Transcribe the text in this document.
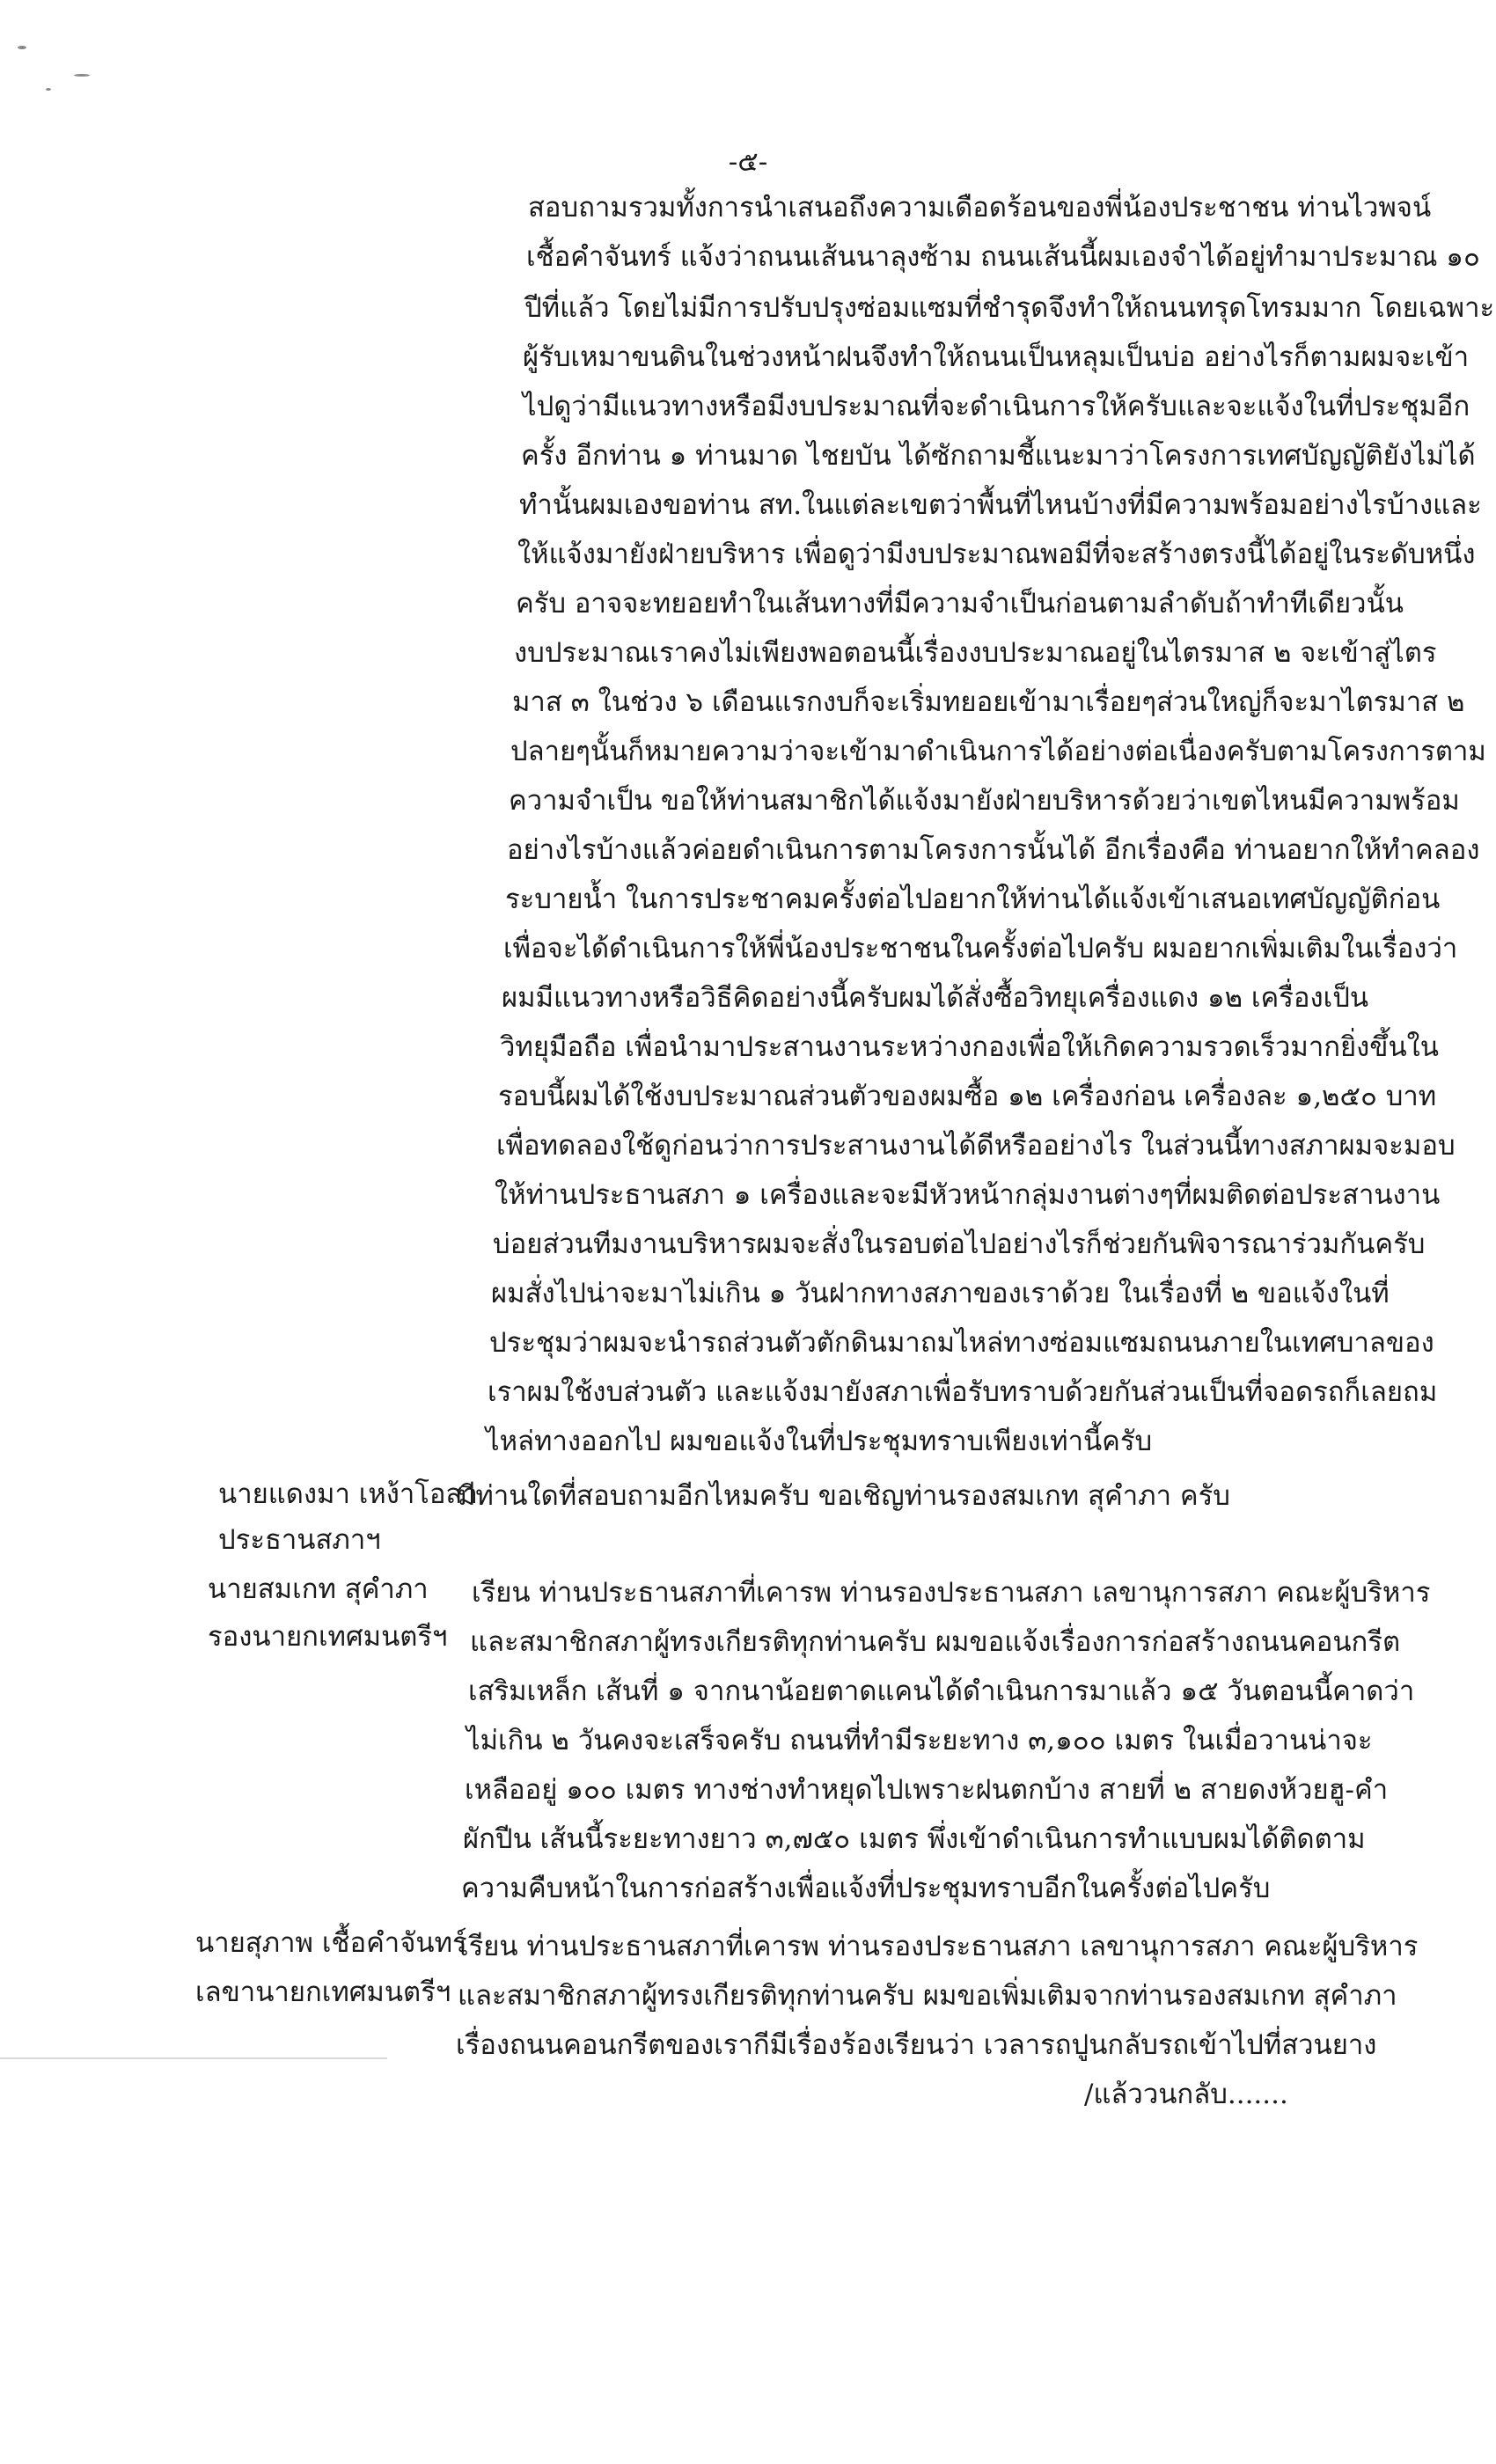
-๕-
สอบถามรวมทั้งการนำเสนอถึงความเดือดร้อนของพี่น้องประชาชน ท่านไวพจน์
เชื้อคำจันทร์ แจ้งว่าถนนเส้นนาลุงซ้าม ถนนเส้นนี้ผมเองจำได้อยู่ทำมาประมาณ ๑๐
ปีที่แล้ว โดยไม่มีการปรับปรุงซ่อมแซมที่ชำรุดจึงทำให้ถนนทรุดโทรมมาก โดยเฉพาะ
ผู้รับเหมาขนดินในช่วงหน้าฝนจึงทำให้ถนนเป็นหลุมเป็นบ่อ อย่างไรก็ตามผมจะเข้า
ไปดูว่ามีแนวทางหรือมีงบประมาณที่จะดำเนินการให้ครับและจะแจ้งในที่ประชุมอีก
ครั้ง อีกท่าน ๑ ท่านมาด ไชยบัน ได้ซักถามชี้แนะมาว่าโครงการเทศบัญญัติยังไม่ได้
ทำนั้นผมเองขอท่าน สท.ในแต่ละเขตว่าพื้นที่ไหนบ้างที่มีความพร้อมอย่างไรบ้างและ
ให้แจ้งมายังฝ่ายบริหาร เพื่อดูว่ามีงบประมาณพอมีที่จะสร้างตรงนี้ได้อยู่ในระดับหนึ่ง
ครับ อาจจะทยอยทำในเส้นทางที่มีความจำเป็นก่อนตามลำดับถ้าทำทีเดียวนั้น
งบประมาณเราคงไม่เพียงพอตอนนี้เรื่องงบประมาณอยู่ในไตรมาส ๒ จะเข้าสู่ไตร
มาส ๓ ในช่วง ๖ เดือนแรกงบก็จะเริ่มทยอยเข้ามาเรื่อยๆส่วนใหญ่ก็จะมาไตรมาส ๒
ปลายๆนั้นก็หมายความว่าจะเข้ามาดำเนินการได้อย่างต่อเนื่องครับตามโครงการตาม
ความจำเป็น ขอให้ท่านสมาชิกได้แจ้งมายังฝ่ายบริหารด้วยว่าเขตไหนมีความพร้อม
อย่างไรบ้างแล้วค่อยดำเนินการตามโครงการนั้นได้ อีกเรื่องคือ ท่านอยากให้ทำคลอง
ระบายน้ำ ในการประชาคมครั้งต่อไปอยากให้ท่านได้แจ้งเข้าเสนอเทศบัญญัติก่อน
เพื่อจะได้ดำเนินการให้พี่น้องประชาชนในครั้งต่อไปครับ ผมอยากเพิ่มเติมในเรื่องว่า
ผมมีแนวทางหรือวิธีคิดอย่างนี้ครับผมได้สั่งซื้อวิทยุเครื่องแดง ๑๒ เครื่องเป็น
วิทยุมือถือ เพื่อนำมาประสานงานระหว่างกองเพื่อให้เกิดความรวดเร็วมากยิ่งขึ้นใน
รอบนี้ผมได้ใช้งบประมาณส่วนตัวของผมซื้อ ๑๒ เครื่องก่อน เครื่องละ ๑,๒๕๐ บาท
เพื่อทดลองใช้ดูก่อนว่าการประสานงานได้ดีหรืออย่างไร ในส่วนนี้ทางสภาผมจะมอบ
ให้ท่านประธานสภา ๑ เครื่องและจะมีหัวหน้ากลุ่มงานต่างๆที่ผมติดต่อประสานงาน
บ่อยส่วนทีมงานบริหารผมจะสั่งในรอบต่อไปอย่างไรก็ช่วยกันพิจารณาร่วมกันครับ
ผมสั่งไปน่าจะมาไม่เกิน ๑ วันฝากทางสภาของเราด้วย ในเรื่องที่ ๒ ขอแจ้งในที่
ประชุมว่าผมจะนำรถส่วนตัวตักดินมาถมไหล่ทางซ่อมแซมถนนภายในเทศบาลของ
เราผมใช้งบส่วนตัว และแจ้งมายังสภาเพื่อรับทราบด้วยกันส่วนเป็นที่จอดรถก็เลยถม
ไหล่ทางออกไป ผมขอแจ้งในที่ประชุมทราบเพียงเท่านี้ครับ
นายแดงมา เหง้าโอสา
ประธานสภาฯ
มีท่านใดที่สอบถามอีกไหมครับ ขอเชิญท่านรองสมเกท สุคำภา ครับ
นายสมเกท สุคำภา
รองนายกเทศมนตรีฯ
เรียน ท่านประธานสภาที่เคารพ ท่านรองประธานสภา เลขานุการสภา คณะผู้บริหาร
และสมาชิกสภาผู้ทรงเกียรติทุกท่านครับ ผมขอแจ้งเรื่องการก่อสร้างถนนคอนกรีต
เสริมเหล็ก เส้นที่ ๑ จากนาน้อยตาดแคนได้ดำเนินการมาแล้ว ๑๕ วันตอนนี้คาดว่า
ไม่เกิน ๒ วันคงจะเสร็จครับ ถนนที่ทำมีระยะทาง ๓,๑๐๐ เมตร ในเมื่อวานน่าจะ
เหลืออยู่ ๑๐๐ เมตร ทางช่างทำหยุดไปเพราะฝนตกบ้าง สายที่ ๒ สายดงห้วยฮู-คำ
ผักปีน เส้นนี้ระยะทางยาว ๓,๗๕๐ เมตร พึ่งเข้าดำเนินการทำแบบผมได้ติดตาม
ความคืบหน้าในการก่อสร้างเพื่อแจ้งที่ประชุมทราบอีกในครั้งต่อไปครับ
นายสุภาพ เชื้อคำจันทร์
เลขานายกเทศมนตรีฯ
เรียน ท่านประธานสภาที่เคารพ ท่านรองประธานสภา เลขานุการสภา คณะผู้บริหาร
และสมาชิกสภาผู้ทรงเกียรติทุกท่านครับ ผมขอเพิ่มเติมจากท่านรองสมเกท สุคำภา
เรื่องถนนคอนกรีตของเรากีมีเรื่องร้องเรียนว่า เวลารถปูนกลับรถเข้าไปที่สวนยาง
/แล้ววนกลับ.......
